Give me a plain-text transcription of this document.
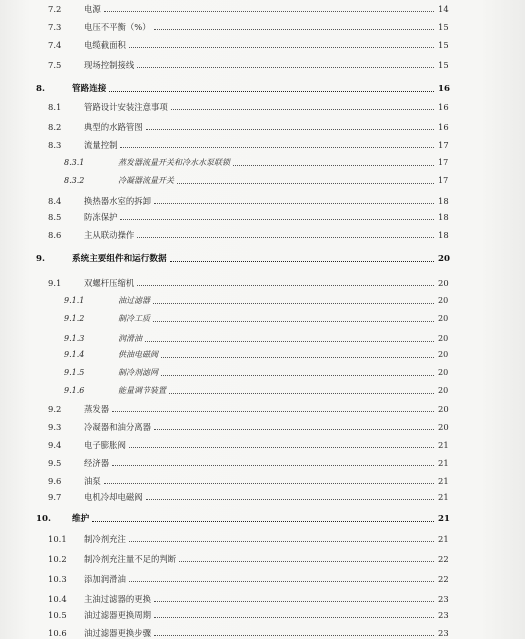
7.2	电源	14
7.3	电压不平衡（%）	15
7.4	电缆截面积	15
7.5	现场控制接线	15
8.	管路连接	16
8.1	管路设计安装注意事项	16
8.2	典型的水路管图	16
8.3	流量控制	17
8.3.1	蒸发器流量开关和冷水水泵联锁	17
8.3.2	冷凝器流量开关	17
8.4	换热器水室的拆卸	18
8.5	防冻保护	18
8.6	主从联动操作	18
9.	系统主要组件和运行数据	20
9.1	双螺杆压缩机	20
9.1.1	油过滤器	20
9.1.2	制冷工质	20
9.1.3	润滑油	20
9.1.4	供油电磁阀	20
9.1.5	制冷剂滤网	20
9.1.6	能量调节装置	20
9.2	蒸发器	20
9.3	冷凝器和油分离器	20
9.4	电子膨胀阀	21
9.5	经济器	21
9.6	油泵	21
9.7	电机冷却电磁阀	21
10. 维护	21
10.1 制冷剂充注	21
10.2 制冷剂充注量不足的判断	22
10.3 添加润滑油	22
10.4 主油过滤器的更换	23
10.5 油过滤器更换周期	23
10.6 油过滤器更换步骤	23
